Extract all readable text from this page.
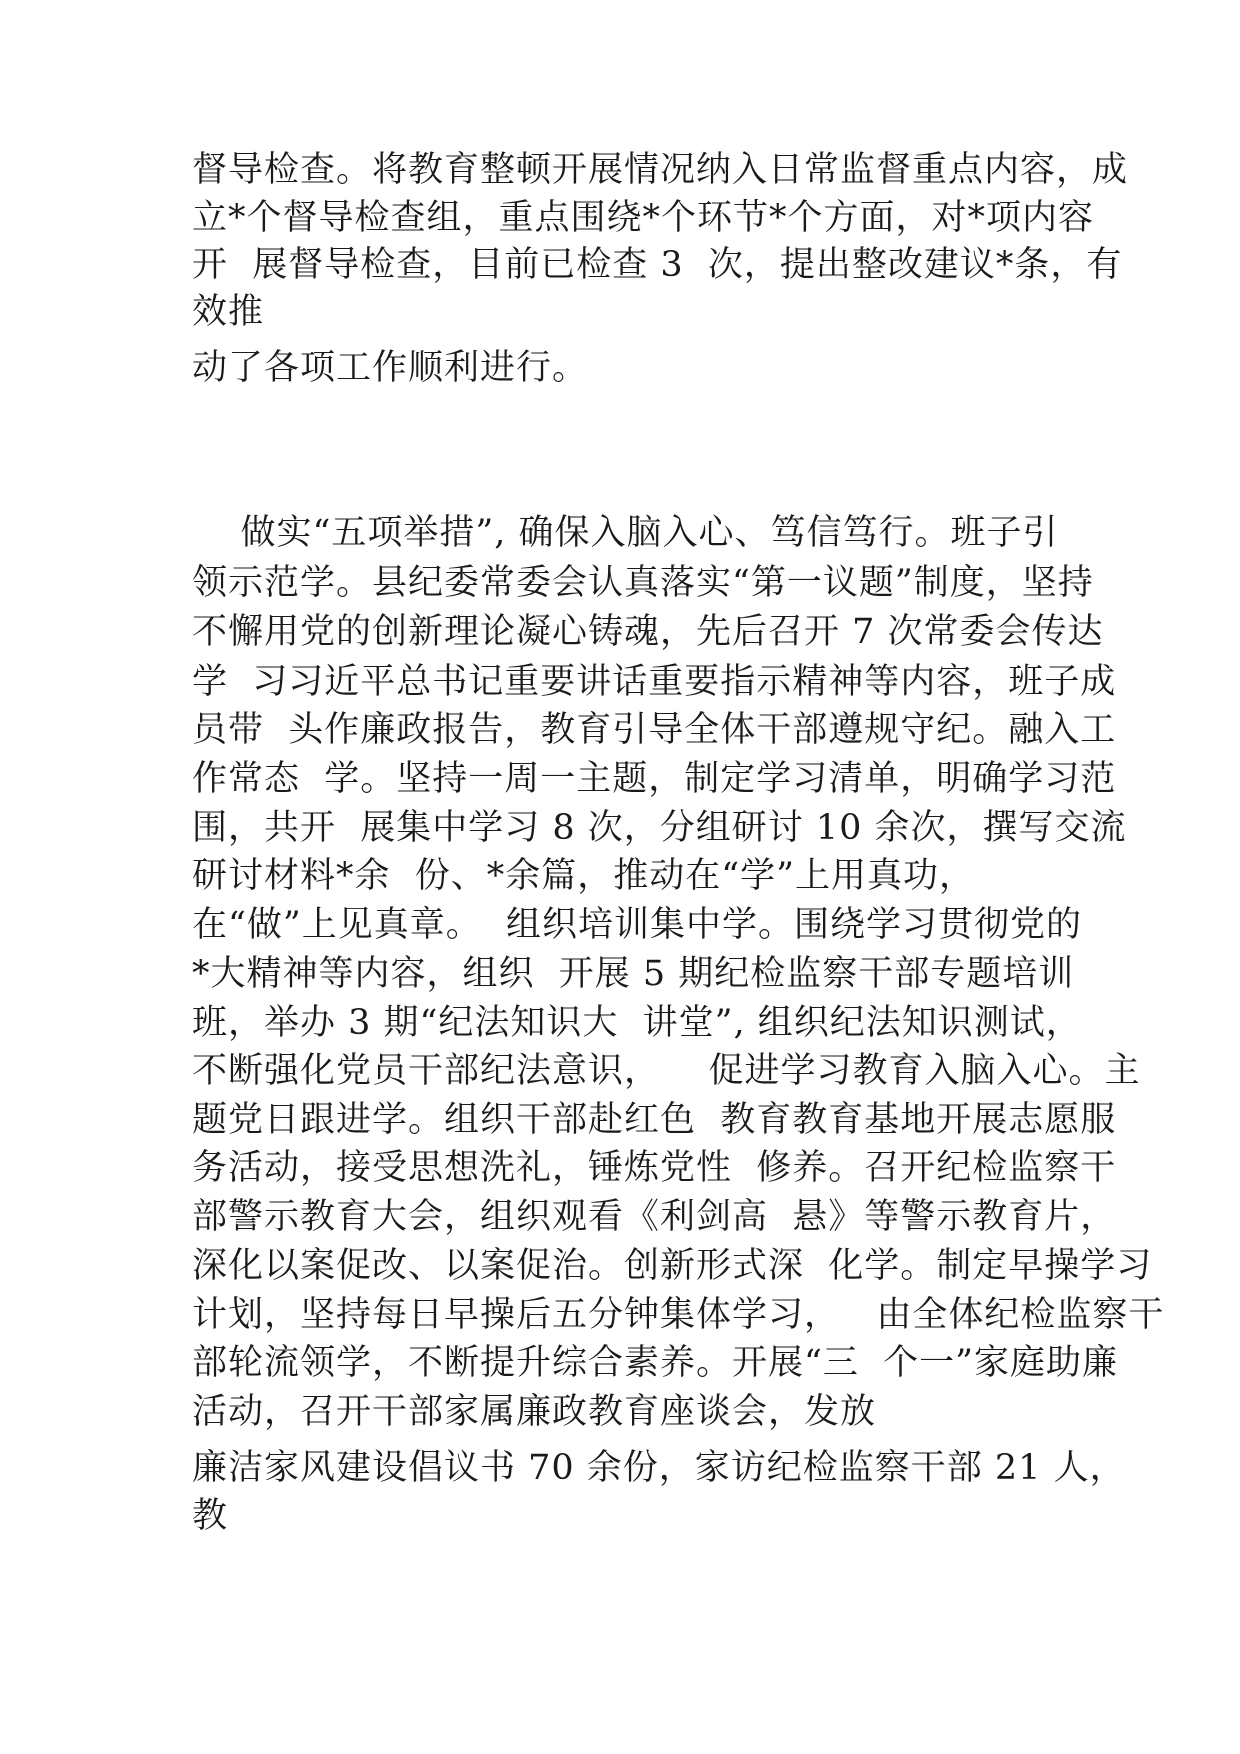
督导检查。将教育整顿开展情况纳入日常监督重点内容，成
立*个督导检查组，重点围绕*个环节*个方面，对*项内容
开  展督导检查，目前已检查 3  次，提出整改建议*条，有
效推
动了各项工作顺利进行。
做实“五项举措”, 确保入脑入心、笃信笃行。班子引
领示范学。县纪委常委会认真落实“第一议题”制度，坚持
不懈用党的创新理论凝心铸魂，先后召开 7 次常委会传达
学  习习近平总书记重要讲话重要指示精神等内容，班子成
员带  头作廉政报告，教育引导全体干部遵规守纪。融入工
作常态  学。坚持一周一主题，制定学习清单，明确学习范
围，共开  展集中学习 8 次，分组研讨 10 余次，撰写交流
研讨材料*余  份、*余篇，推动在“学”上用真功，
在“做”上见真章。  组织培训集中学。围绕学习贯彻党的
*大精神等内容，组织  开展 5 期纪检监察干部专题培训
班，举办 3 期“纪法知识大  讲堂”, 组织纪法知识测试，
不断强化党员干部纪法意识，    促进学习教育入脑入心。主
题党日跟进学。组织干部赴红色  教育教育基地开展志愿服
务活动，接受思想洗礼，锤炼党性  修养。召开纪检监察干
部警示教育大会，组织观看《利剑高  悬》等警示教育片，
深化以案促改、以案促治。创新形式深  化学。制定早操学习
计划，坚持每日早操后五分钟集体学习，   由全体纪检监察干
部轮流领学，不断提升综合素养。开展“三  个一”家庭助廉
活动，召开干部家属廉政教育座谈会，发放
廉洁家风建设倡议书 70 余份，家访纪检监察干部 21 人，
教
